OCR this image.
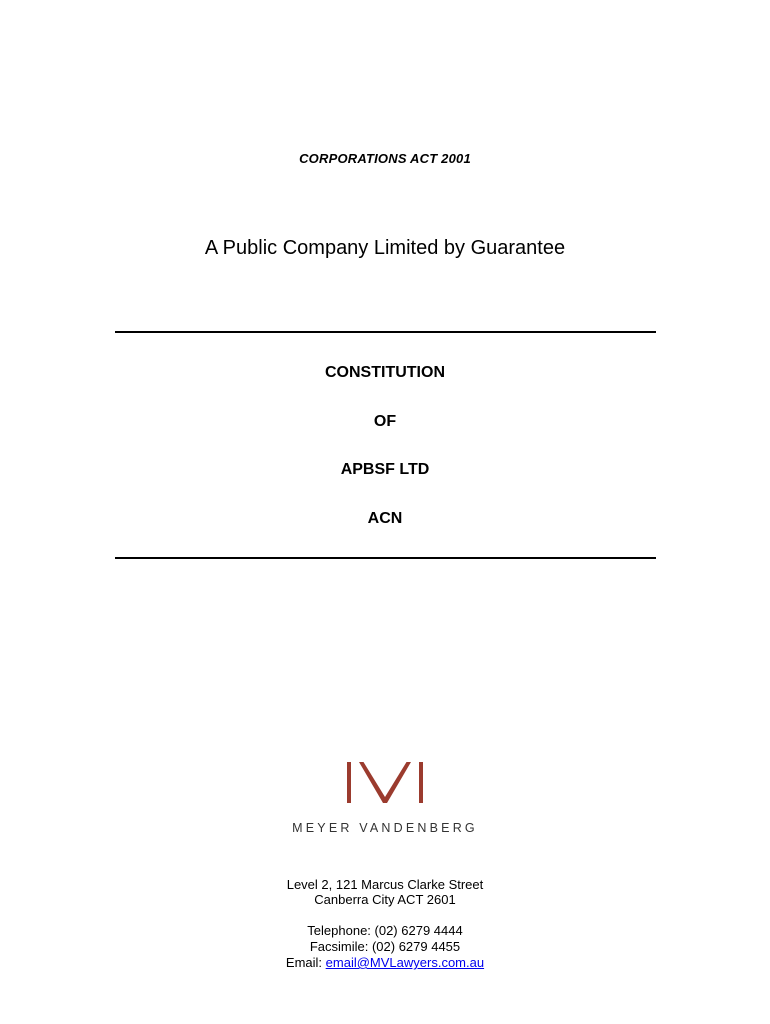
CORPORATIONS ACT 2001
A Public Company Limited by Guarantee
CONSTITUTION
OF
APBSF LTD
ACN
MEYER VANDENBERG
Level 2, 121 Marcus Clarke Street
Canberra City ACT 2601
Telephone: (02) 6279 4444
Facsimile: (02) 6279 4455
Email: email@MVLawyers.com.au
